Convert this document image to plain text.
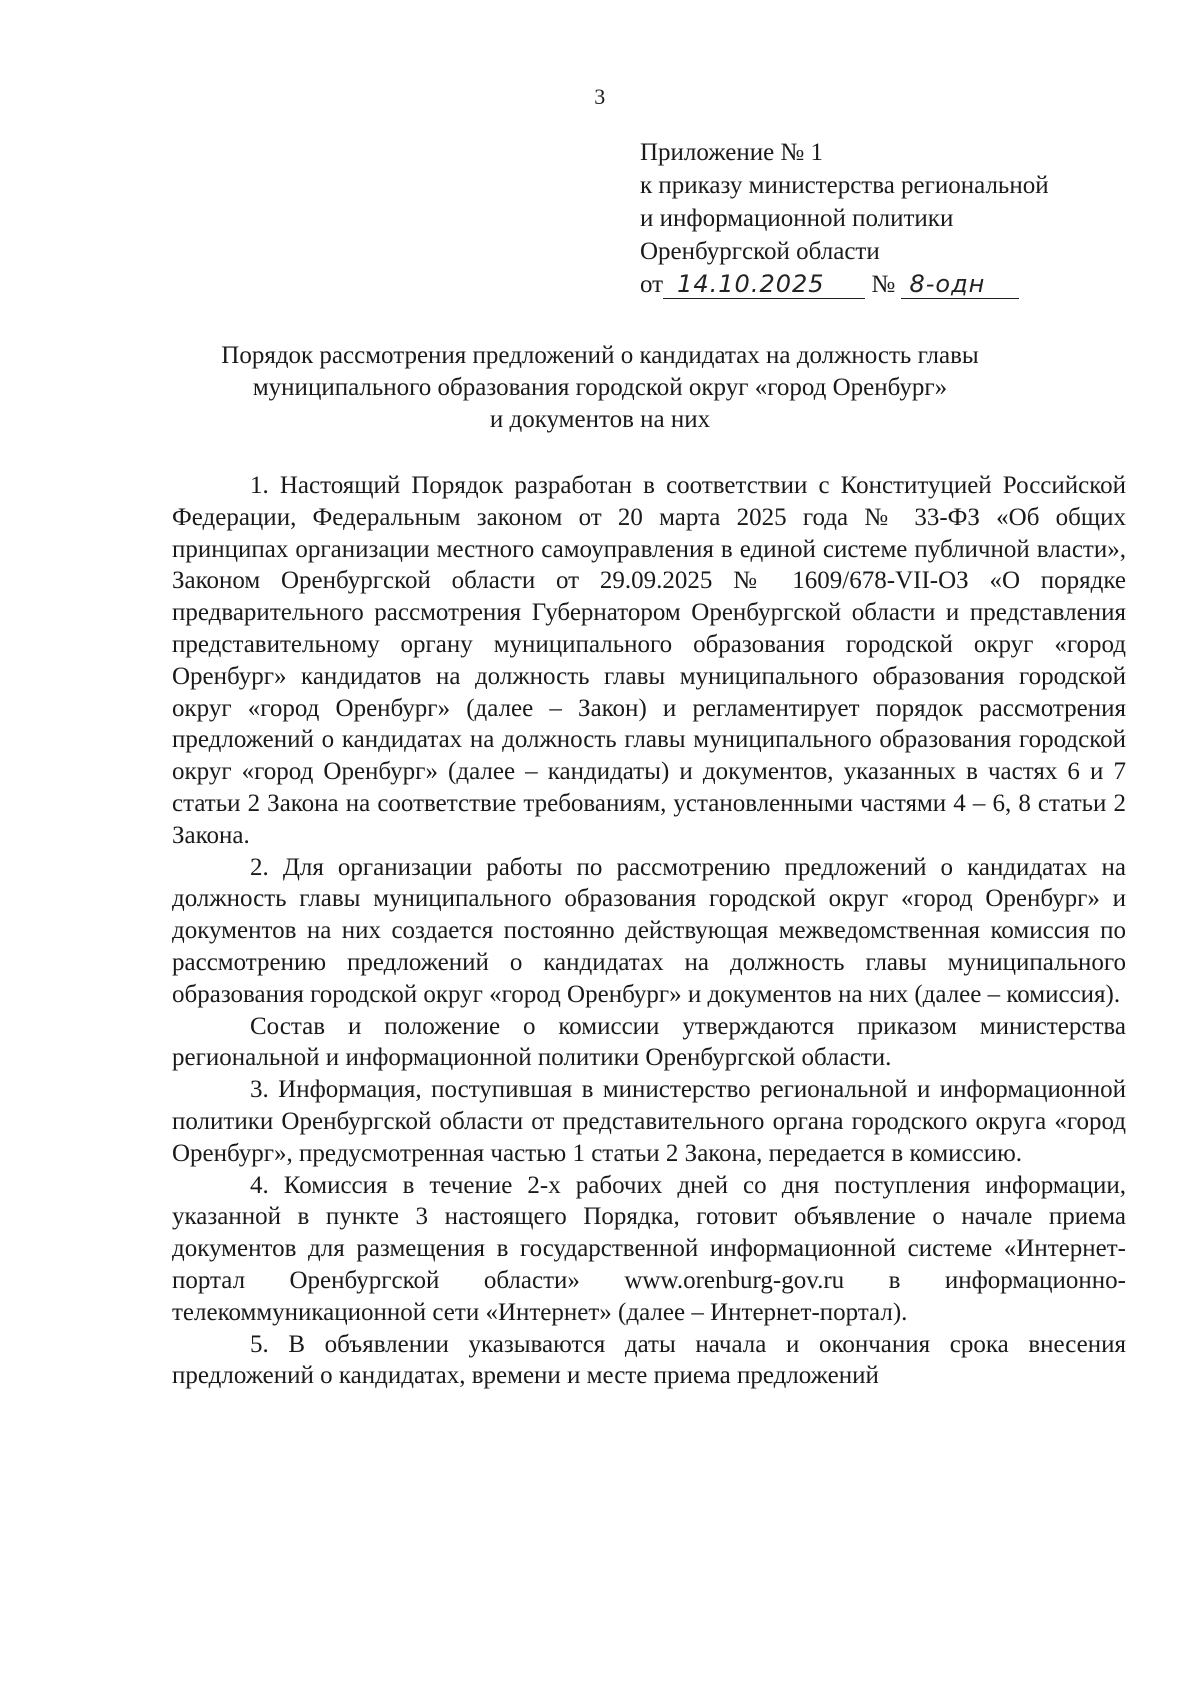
3
Приложение № 1
к приказу министерства региональной
и информационной политики
Оренбургской области
от 14.10.2025 № 8-одн
Порядок рассмотрения предложений о кандидатах на должность главы
муниципального образования городской округ «город Оренбург»
и документов на них

1. Настоящий Порядок разработан в соответствии с Конституцией Российской Федерации, Федеральным законом от 20 марта 2025 года № 33-ФЗ «Об общих принципах организации местного самоуправления в единой системе публичной власти», Законом Оренбургской области от 29.09.2025 № 1609/678-VII-ОЗ «О порядке предварительного рассмотрения Губернатором Оренбургской области и представления представительному органу муниципального образования городской округ «город Оренбург» кандидатов на должность главы муниципального образования городской округ «город Оренбург» (далее – Закон) и регламентирует порядок рассмотрения предложений о кандидатах на должность главы муниципального образования городской округ «город Оренбург» (далее – кандидаты) и документов, указанных в частях 6 и 7 статьи 2 Закона на соответствие требованиям, установленными частями 4 – 6, 8 статьи 2 Закона.

2. Для организации работы по рассмотрению предложений о кандидатах на должность главы муниципального образования городской округ «город Оренбург» и документов на них создается постоянно действующая межведомственная комиссия по рассмотрению предложений о кандидатах на должность главы муниципального образования городской округ «город Оренбург» и документов на них (далее – комиссия).

Состав и положение о комиссии утверждаются приказом министерства региональной и информационной политики Оренбургской области.

3. Информация, поступившая в министерство региональной и информационной политики Оренбургской области от представительного органа городского округа «город Оренбург», предусмотренная частью 1 статьи 2 Закона, передается в комиссию.

4. Комиссия в течение 2-х рабочих дней со дня поступления информации, указанной в пункте 3 настоящего Порядка, готовит объявление о начале приема документов для размещения в государственной информационной системе «Интернет-портал Оренбургской области» www.orenburg-gov.ru в информационно-телекоммуникационной сети «Интернет» (далее – Интернет-портал).

5. В объявлении указываются даты начала и окончания срока внесения предложений о кандидатах, времени и месте приема предложений
